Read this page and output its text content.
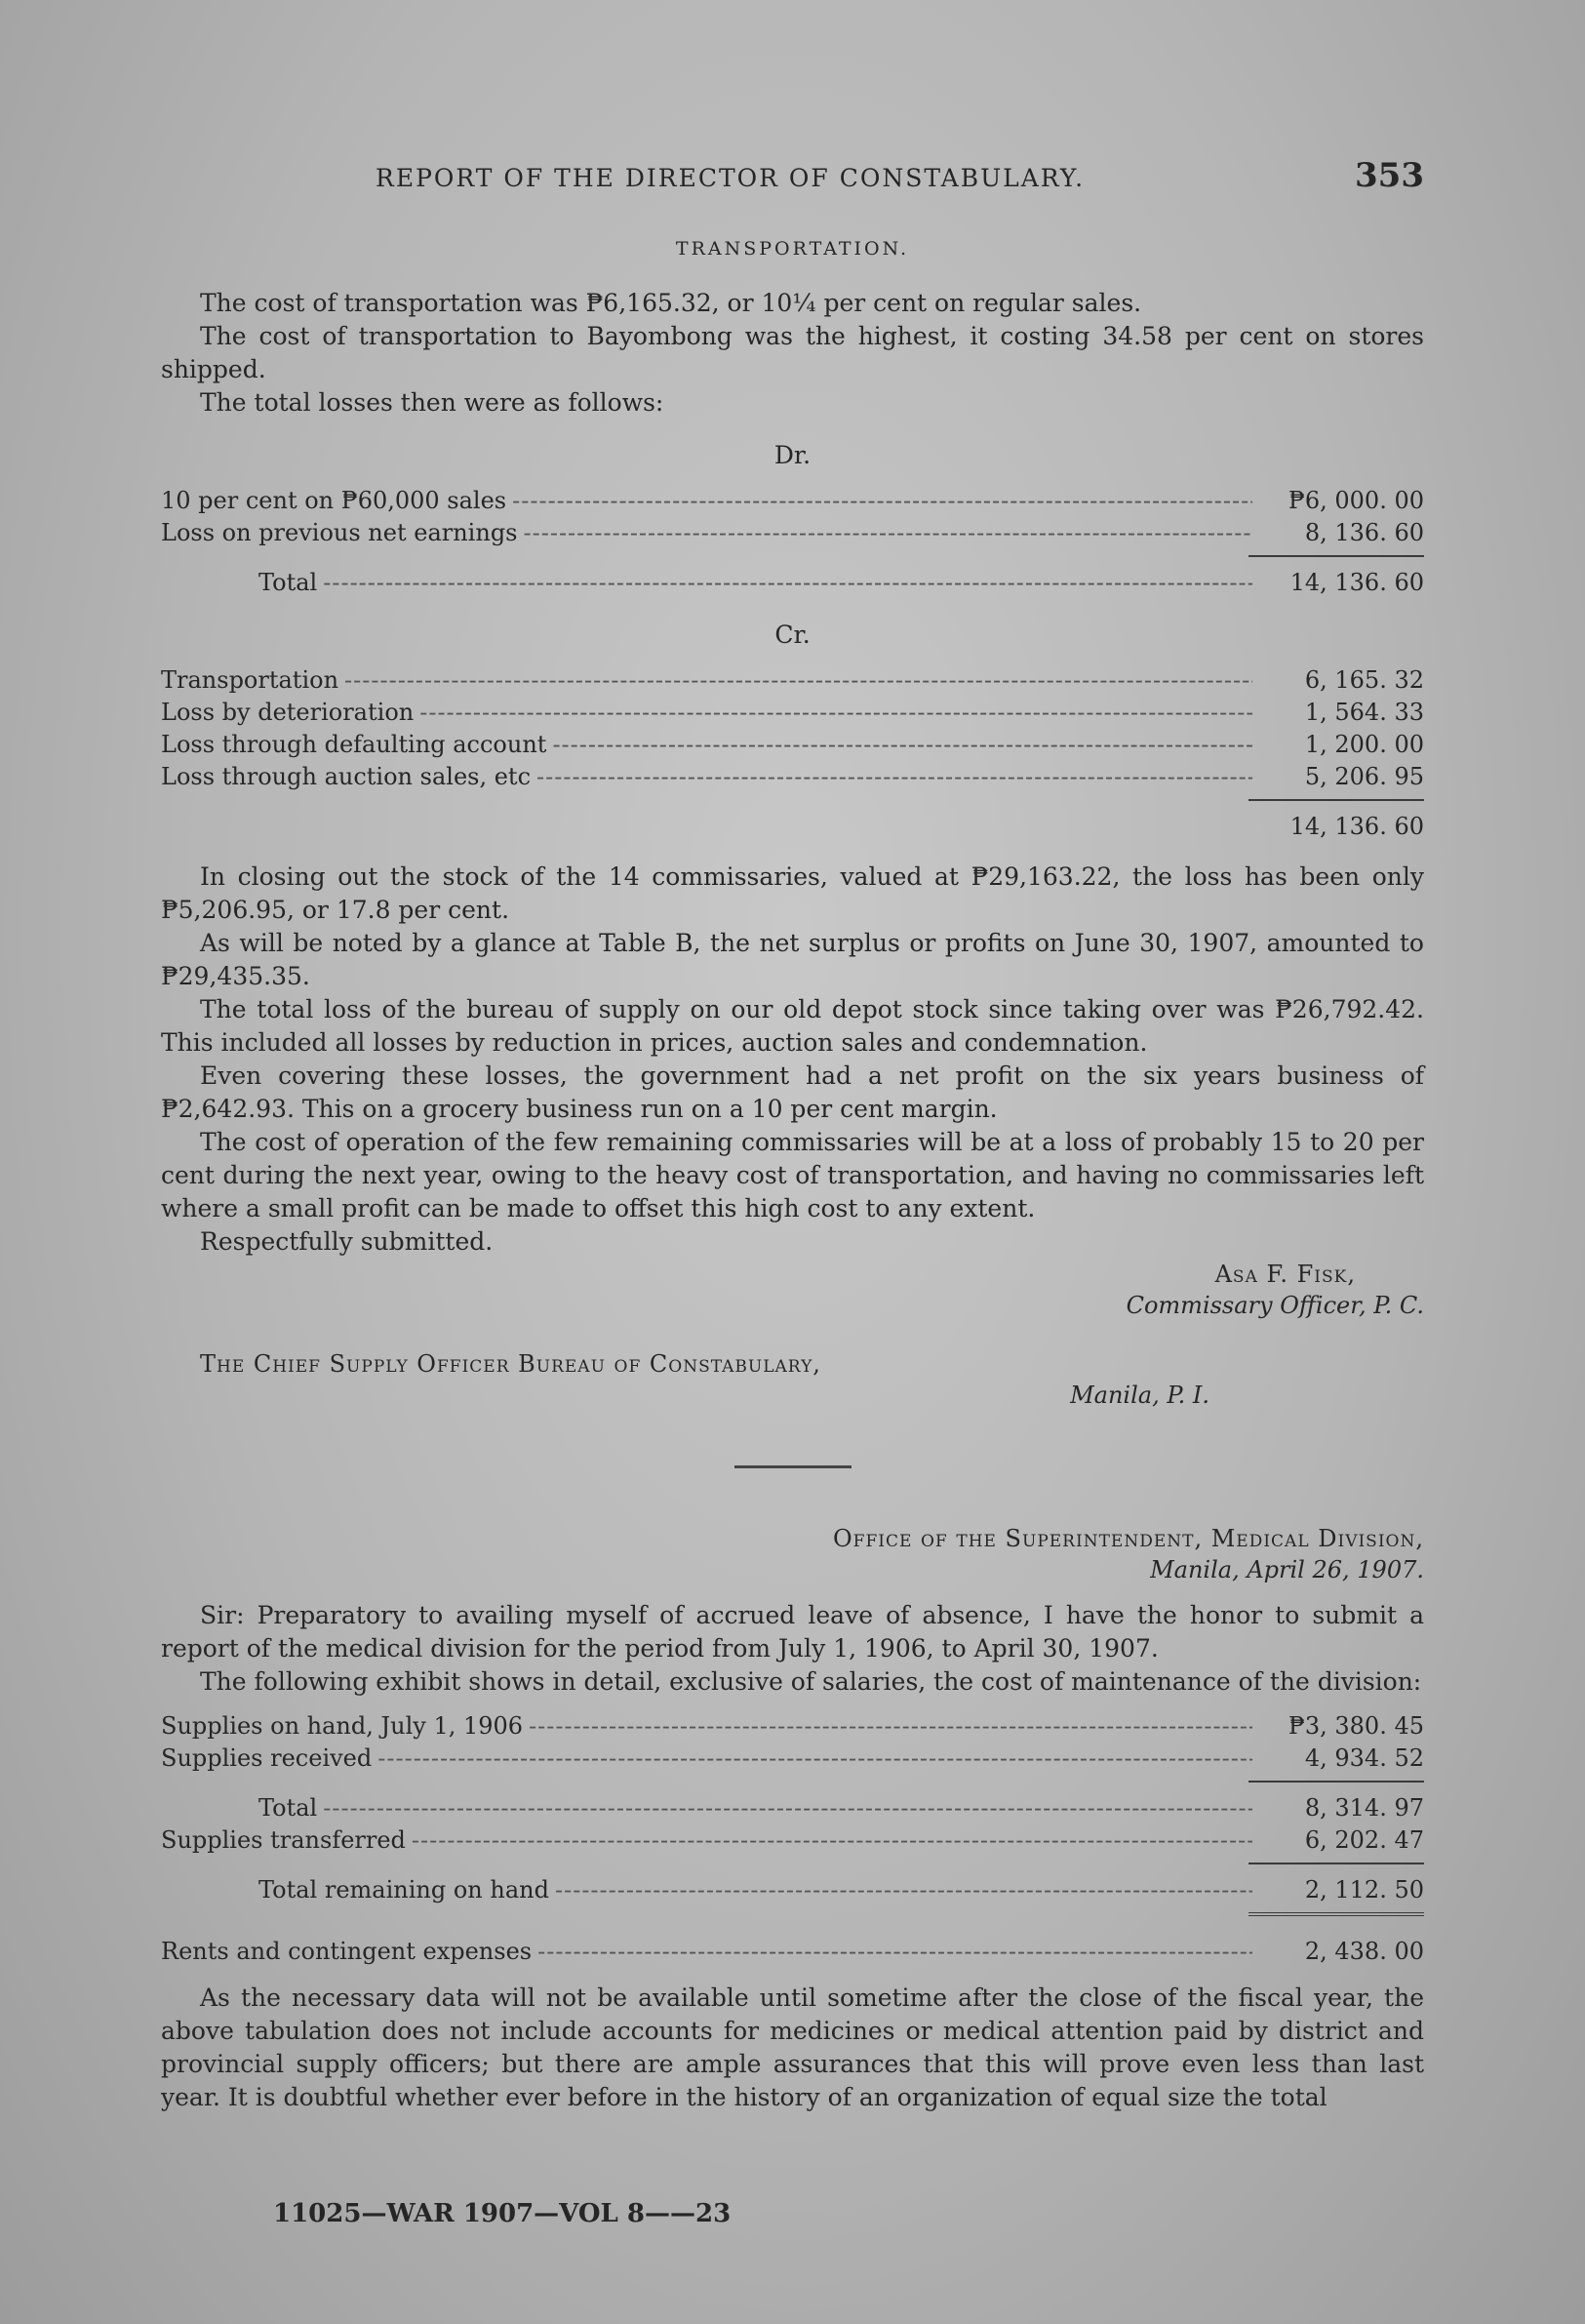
REPORT OF THE DIRECTOR OF CONSTABULARY.	353
TRANSPORTATION.

The cost of transportation was ₱6,165.32, or 10¼ per cent on regular sales.

The cost of transportation to Bayombong was the highest, it costing 34.58 per cent on stores shipped.

The total losses then were as follows:

Dr.
10 per cent on ₱60,000 sales -----	₱6, 000. 00
Loss on previous net earnings -----	8, 136. 60
Total -----	14, 136. 60
Cr.
Transportation -----	6, 165. 32
Loss by deterioration -----	1, 564. 33
Loss through defaulting account -----	1, 200. 00
Loss through auction sales, etc -----	5, 206. 95
14, 136. 60

In closing out the stock of the 14 commissaries, valued at ₱29,163.22, the loss has been only ₱5,206.95, or 17.8 per cent.

As will be noted by a glance at Table B, the net surplus or profits on June 30, 1907, amounted to ₱29,435.35.

The total loss of the bureau of supply on our old depot stock since taking over was ₱26,792.42. This included all losses by reduction in prices, auction sales and condemnation.

Even covering these losses, the government had a net profit on the six years business of ₱2,642.93. This on a grocery business run on a 10 per cent margin.

The cost of operation of the few remaining commissaries will be at a loss of probably 15 to 20 per cent during the next year, owing to the heavy cost of transportation, and having no commissaries left where a small profit can be made to offset this high cost to any extent.

Respectfully submitted.

Asa F. Fisk,
Commissary Officer, P. C.
The Chief Supply Officer Bureau of Constabulary,
Manila, P. I.
Office of the Superintendent, Medical Division,
Manila, April 26, 1907.

Sir: Preparatory to availing myself of accrued leave of absence, I have the honor to submit a report of the medical division for the period from July 1, 1906, to April 30, 1907.

The following exhibit shows in detail, exclusive of salaries, the cost of maintenance of the division:

Supplies on hand, July 1, 1906 -----	₱3, 380. 45
Supplies received -----	4, 934. 52
Total -----	8, 314. 97
Supplies transferred -----	6, 202. 47
Total remaining on hand -----	2, 112. 50
Rents and contingent expenses -----	2, 438. 00

As the necessary data will not be available until sometime after the close of the fiscal year, the above tabulation does not include accounts for medicines or medical attention paid by district and provincial supply officers; but there are ample assurances that this will prove even less than last year. It is doubtful whether ever before in the history of an organization of equal size the total

11025—WAR 1907—VOL 8——23
